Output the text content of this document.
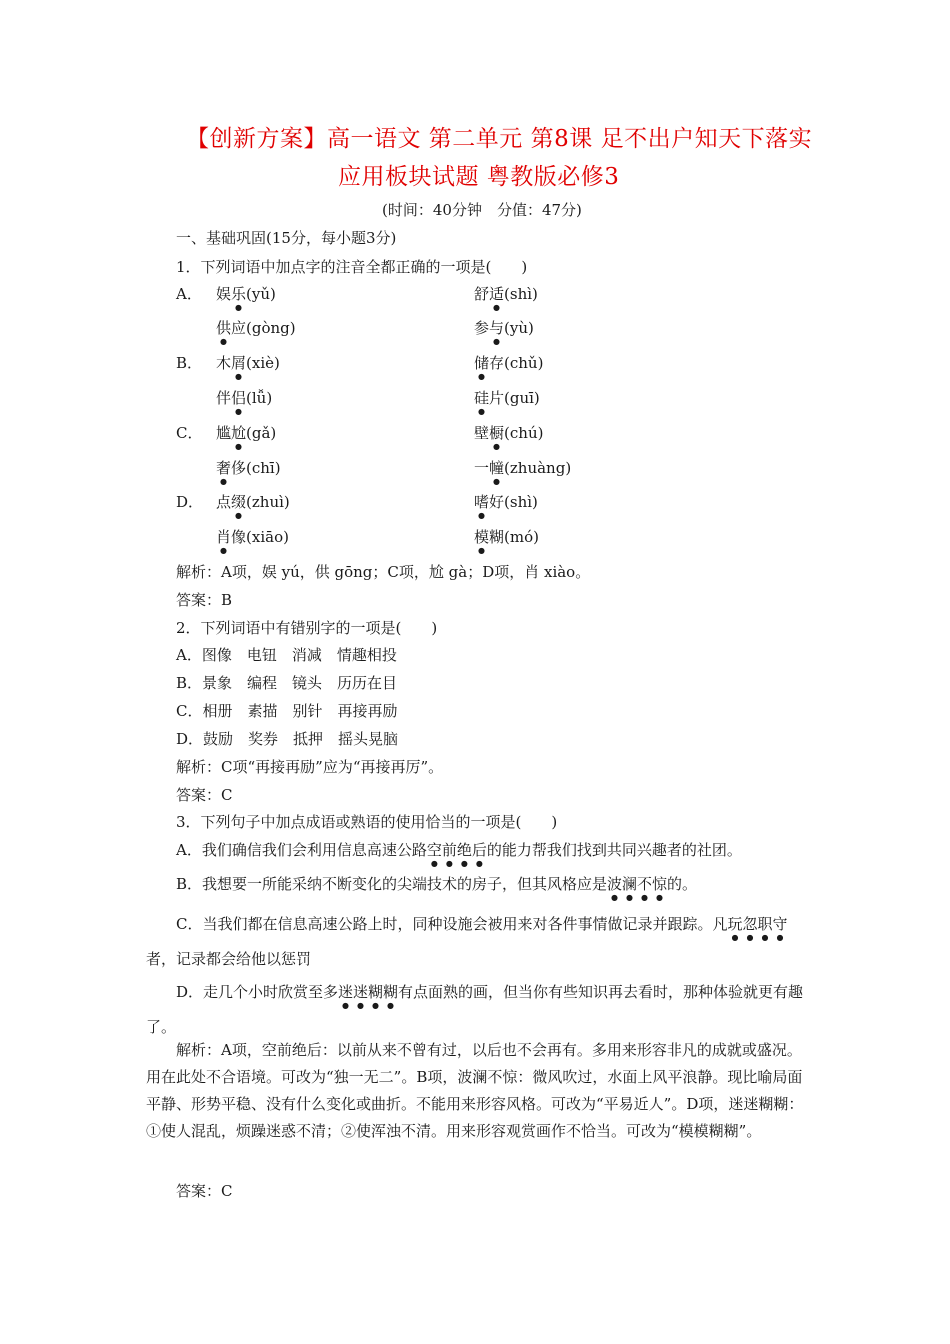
【创新方案】高一语文 第二单元 第8课 足不出户知天下落实
应用板块试题 粤教版必修3
(时间：40分钟　分值：47分)
一、基础巩固(15分，每小题3分)
1．下列词语中加点字的注音全都正确的一项是(　　)
A． 娱乐(yǔ)	舒适(shì)
供应(gòng)	参与(yù)
B． 木屑(xiè)	储存(chǔ)
伴侣(lǚ)	硅片(guī)
C． 尴尬(gǎ)	壁橱(chú)
奢侈(chī)	一幢(zhuàng)
D． 点缀(zhuì)	嗜好(shì)
肖像(xiāo)	模糊(mó)
解析：A项，娱 yú，供 gōng；C项，尬 gà；D项，肖 xiào。
答案：B
2．下列词语中有错别字的一项是(　　)
A．图像　电钮　消减　情趣相投
B．景象　编程　镜头　历历在目
C．相册　素描　别针　再接再励
D．鼓励　奖券　抵押　摇头晃脑
解析：C项“再接再励”应为“再接再厉”。
答案：C
3．下列句子中加点成语或熟语的使用恰当的一项是(　　)
A．我们确信我们会利用信息高速公路空前绝后的能力帮我们找到共同兴趣者的社团。
B．我想要一所能采纳不断变化的尖端技术的房子，但其风格应是波澜不惊的。
C．当我们都在信息高速公路上时，同种设施会被用来对各件事情做记录并跟踪。凡玩忽职守者，记录都会给他以惩罚
D．走几个小时欣赏至多迷迷糊糊有点面熟的画，但当你有些知识再去看时，那种体验就更有趣了。
解析：A项，空前绝后：以前从来不曾有过，以后也不会再有。多用来形容非凡的成就或盛况。用在此处不合语境。可改为“独一无二”。B项，波澜不惊：微风吹过，水面上风平浪静。现比喻局面平静、形势平稳、没有什么变化或曲折。不能用来形容风格。可改为“平易近人”。D项，迷迷糊糊：①使人混乱，烦躁迷惑不清；②使浑浊不清。用来形容观赏画作不恰当。可改为“模模糊糊”。
答案：C
